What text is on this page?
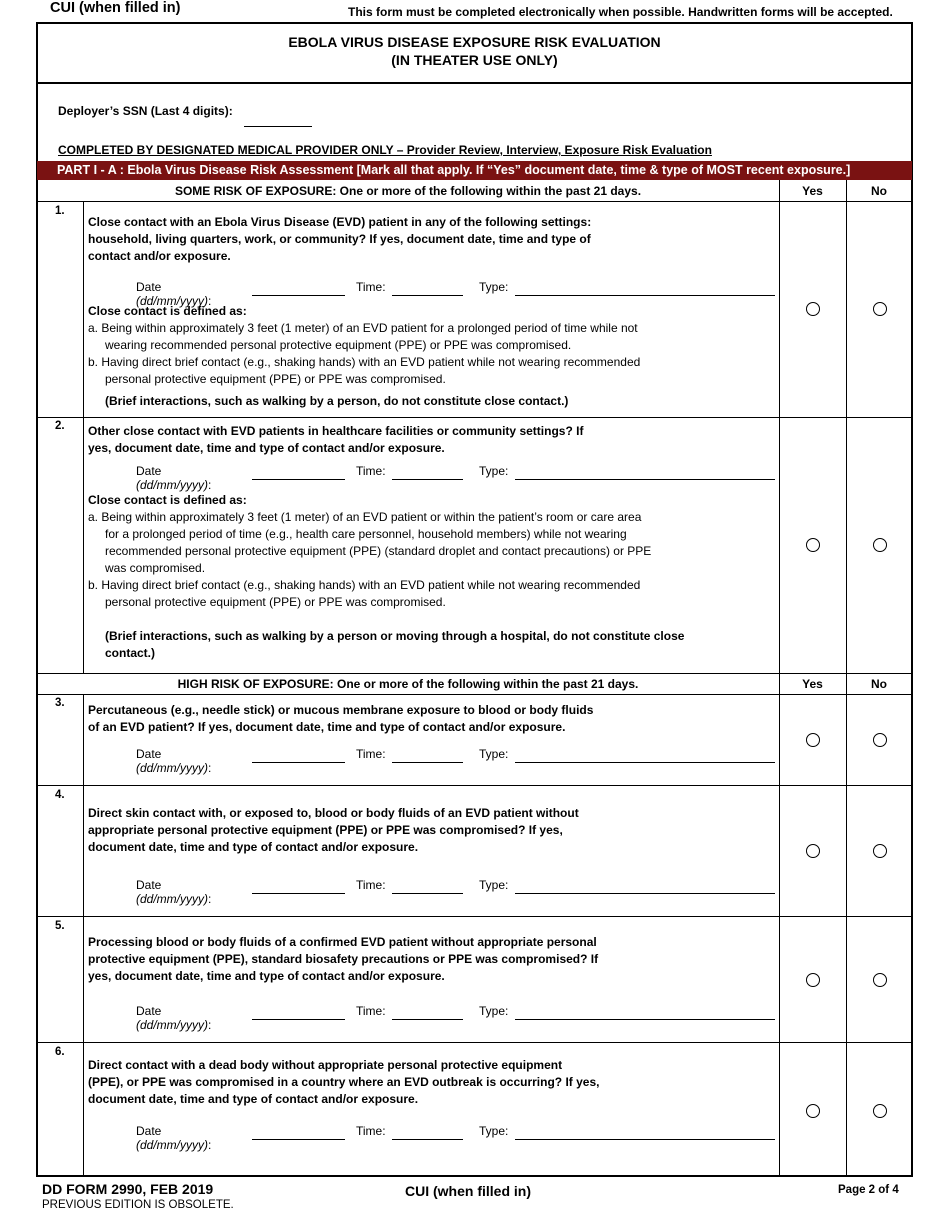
CUI (when filled in)	This form must be completed electronically when possible. Handwritten forms will be accepted.
EBOLA VIRUS DISEASE EXPOSURE RISK EVALUATION
(IN THEATER USE ONLY)
Deployer’s SSN (Last 4 digits):
COMPLETED BY DESIGNATED MEDICAL PROVIDER ONLY – Provider Review, Interview, Exposure Risk Evaluation
PART I - A : Ebola Virus Disease Risk Assessment [Mark all that apply. If “Yes” document date, time & type of MOST recent exposure.]
SOME RISK OF EXPOSURE: One or more of the following within the past 21 days.	Yes	No
1.
Close contact with an Ebola Virus Disease (EVD) patient in any of the following settings:
household, living quarters, work, or community? If yes, document date, time and type of
contact and/or exposure.
Date (dd/mm/yyyy):
Time:	Type:
Close contact is defined as:
a. Being within approximately 3 feet (1 meter) of an EVD patient for a prolonged period of time while not
wearing recommended personal protective equipment (PPE) or PPE was compromised.
b. Having direct brief contact (e.g., shaking hands) with an EVD patient while not wearing recommended
personal protective equipment (PPE) or PPE was compromised.
(Brief interactions, such as walking by a person, do not constitute close contact.)
2. Other close contact with EVD patients in healthcare facilities or community settings? If
yes, document date, time and type of contact and/or exposure.
Date (dd/mm/yyyy):
Time:	Type:
Close contact is defined as:
a. Being within approximately 3 feet (1 meter) of an EVD patient or within the patient’s room or care area
for a prolonged period of time (e.g., health care personnel, household members) while not wearing
recommended personal protective equipment (PPE) (standard droplet and contact precautions) or PPE
was compromised.
b. Having direct brief contact (e.g., shaking hands) with an EVD patient while not wearing recommended
personal protective equipment (PPE) or PPE was compromised.
(Brief interactions, such as walking by a person or moving through a hospital, do not constitute close
contact.)
HIGH RISK OF EXPOSURE: One or more of the following within the past 21 days.	Yes	No
3. Percutaneous (e.g., needle stick) or mucous membrane exposure to blood or body fluids
of an EVD patient? If yes, document date, time and type of contact and/or exposure.
Date (dd/mm/yyyy):
Time:	Type:
4.
Direct skin contact with, or exposed to, blood or body fluids of an EVD patient without
appropriate personal protective equipment (PPE) or PPE was compromised? If yes,
document date, time and type of contact and/or exposure.
Date (dd/mm/yyyy):
Time:	Type:
5.
Processing blood or body fluids of a confirmed EVD patient without appropriate personal
protective equipment (PPE), standard biosafety precautions or PPE was compromised? If
yes, document date, time and type of contact and/or exposure.
Date (dd/mm/yyyy):
Time:	Type:
6.
Direct contact with a dead body without appropriate personal protective equipment
(PPE), or PPE was compromised in a country where an EVD outbreak is occurring? If yes,
document date, time and type of contact and/or exposure.
Date (dd/mm/yyyy):
Time:	Type:
DD FORM 2990, FEB 2019
PREVIOUS EDITION IS OBSOLETE.
CUI (when filled in)	Page 2 of 4
